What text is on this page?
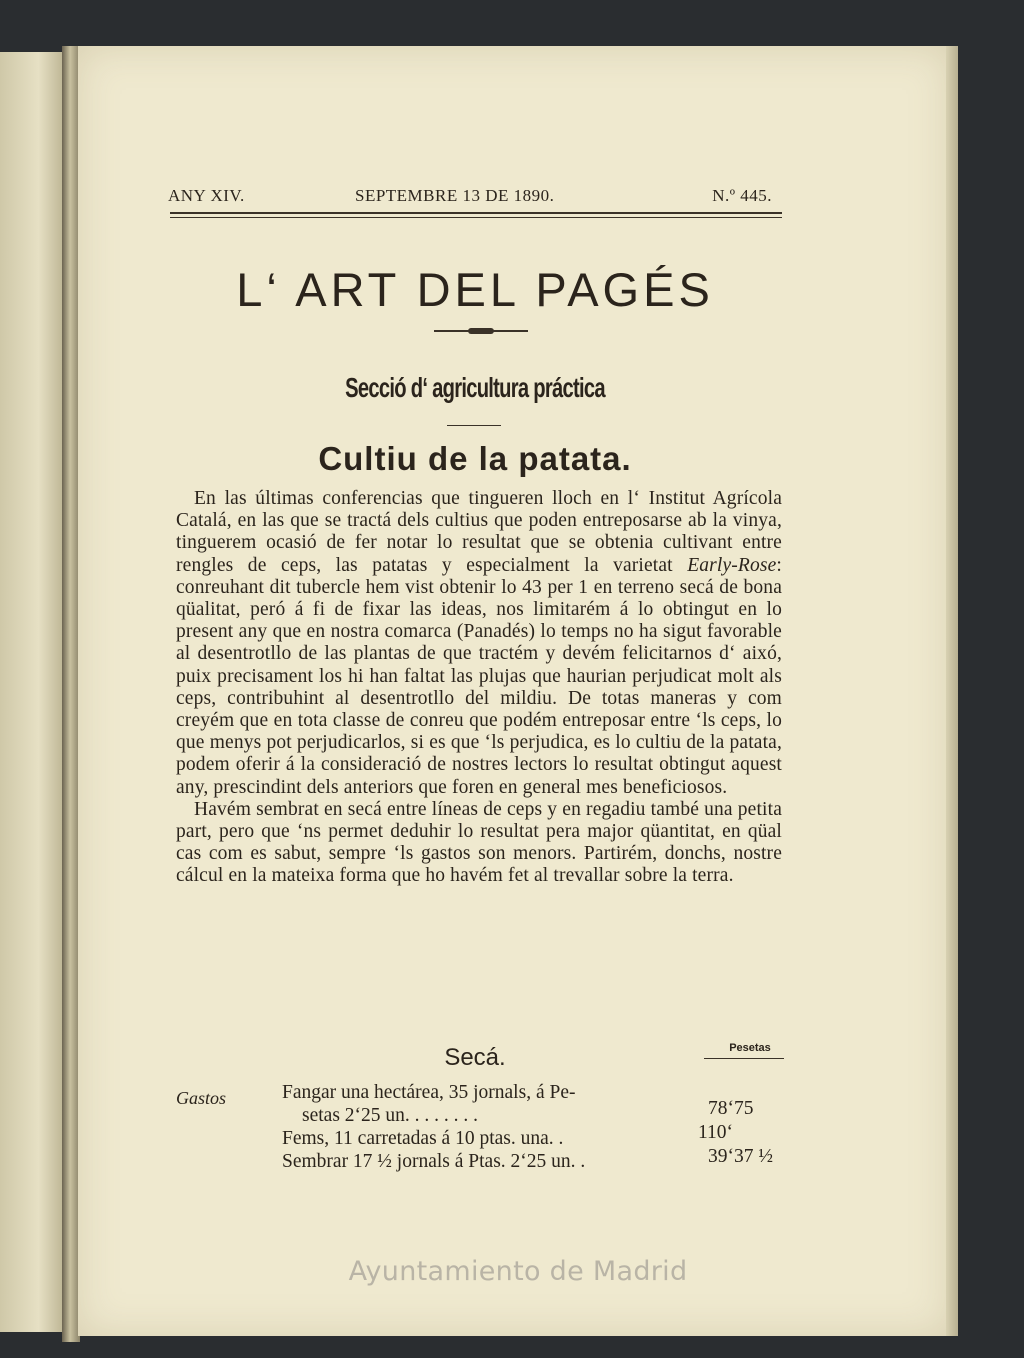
ANY XIV.	SEPTEMBRE 13 DE 1890.	N.º 445.
L‘ ART DEL PAGÉS
Secció d‘ agricultura práctica
Cultiu de la patata.

En las últimas conferencias que tingueren lloch en l‘ Institut Agrícola Catalá, en las que se tractá dels cultius que poden entreposarse ab la vinya, tinguerem ocasió de fer notar lo resultat que se obtenia cultivant entre rengles de ceps, las patatas y especialment la varietat Early-Rose: conreuhant dit tubercle hem vist obtenir lo 43 per 1 en terreno secá de bona qüalitat, peró á fi de fixar las ideas, nos limitarém á lo obtingut en lo present any que en nostra comarca (Panadés) lo temps no ha sigut favorable al desentrotllo de las plantas de que tractém y devém felicitarnos d‘ aixó, puix precisament los hi han faltat las plujas que haurian perjudicat molt als ceps, contribuhint al desentrotllo del mildiu. De totas maneras y com creyém que en tota classe de conreu que podém entreposar entre ‘ls ceps, lo que menys pot perjudicarlos, si es que ‘ls perjudica, es lo cultiu de la patata, podem oferir á la consideració de nostres lectors lo resultat obtingut aquest any, prescindint dels anteriors que foren en general mes beneficiosos.

Havém sembrat en secá entre líneas de ceps y en regadiu també una petita part, pero que ‘ns permet deduhir lo resultat pera major qüantitat, en qüal cas com es sabut, sempre ‘ls gastos son menors. Partirém, donchs, nostre cálcul en la mateixa forma que ho havém fet al trevallar sobre la terra.

Pesetas
Secá.
Gastos	Fangar una hectárea, 35 jornals, á Pe-
setas 2‘25 un. . . . . . . .	78‘75
Fems, 11 carretadas á 10 ptas. una. .	110‘
Sembrar 17 ½ jornals á Ptas. 2‘25 un. .	39‘37 ½
Ayuntamiento de Madrid
